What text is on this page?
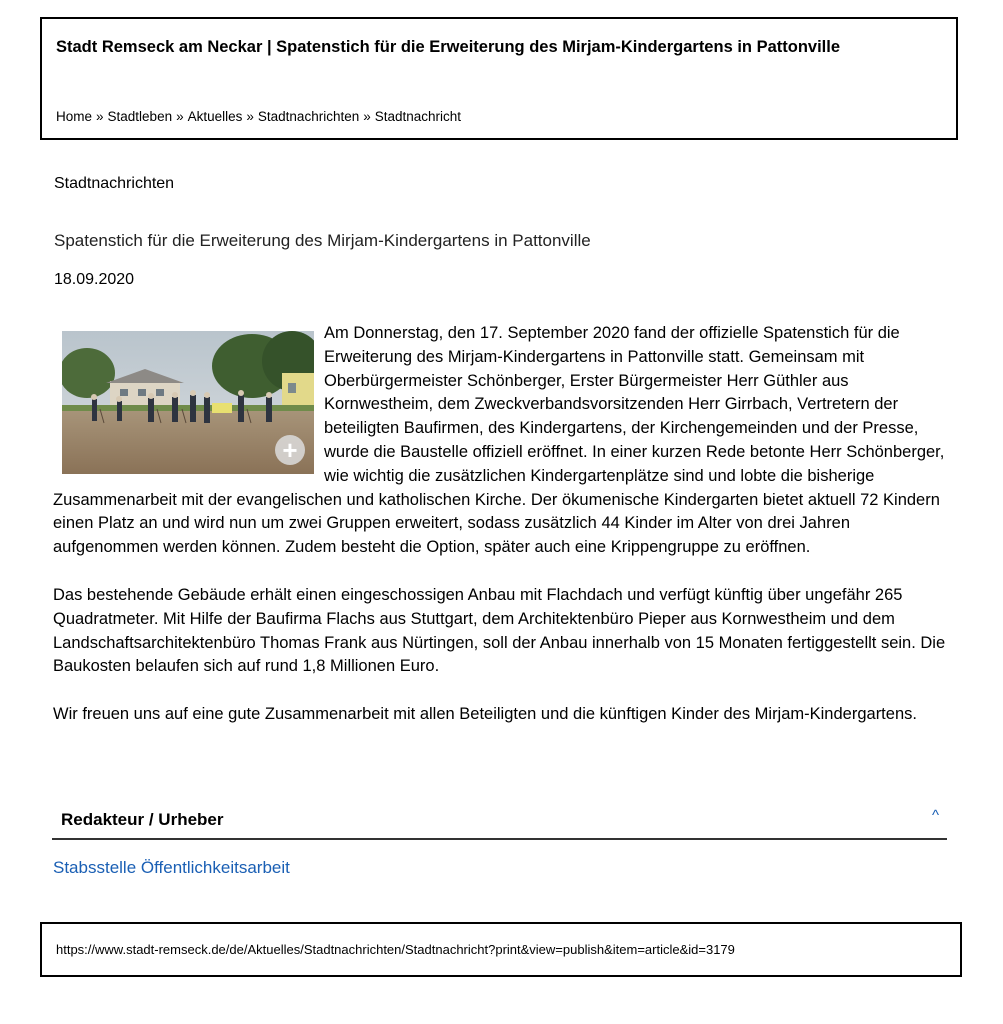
Stadt Remseck am Neckar | Spatenstich für die Erweiterung des Mirjam-Kindergartens in Pattonville
Home » Stadtleben » Aktuelles » Stadtnachrichten » Stadtnachricht
Stadtnachrichten
Spatenstich für die Erweiterung des Mirjam-Kindergartens in Pattonville
18.09.2020
+

Am Donnerstag, den 17. September 2020 fand der offizielle Spatenstich für die Erweiterung des Mirjam-Kindergartens in Pattonville statt. Gemeinsam mit Oberbürgermeister Schönberger, Erster Bürgermeister Herr Güthler aus Kornwestheim, dem Zweckverbandsvorsitzenden Herr Girrbach, Vertretern der beteiligten Baufirmen, des Kindergartens, der Kirchengemeinden und der Presse, wurde die Baustelle offiziell eröffnet. In einer kurzen Rede betonte Herr Schönberger, wie wichtig die zusätzlichen Kindergartenplätze sind und lobte die bisherige Zusammenarbeit mit der evangelischen und katholischen Kirche. Der ökumenische Kindergarten bietet aktuell 72 Kindern einen Platz an und wird nun um zwei Gruppen erweitert, sodass zusätzlich 44 Kinder im Alter von drei Jahren aufgenommen werden können. Zudem besteht die Option, später auch eine Krippengruppe zu eröffnen.

Das bestehende Gebäude erhält einen eingeschossigen Anbau mit Flachdach und verfügt künftig über ungefähr 265 Quadratmeter. Mit Hilfe der Baufirma Flachs aus Stuttgart, dem Architektenbüro Pieper aus Kornwestheim und dem Landschaftsarchitektenbüro Thomas Frank aus Nürtingen, soll der Anbau innerhalb von 15 Monaten fertiggestellt sein. Die Baukosten belaufen sich auf rund 1,8 Millionen Euro.

Wir freuen uns auf eine gute Zusammenarbeit mit allen Beteiligten und die künftigen Kinder des Mirjam-Kindergartens.

Redakteur / Urheber	^
Stabsstelle Öffentlichkeitsarbeit
https://www.stadt-remseck.de/de/Aktuelles/Stadtnachrichten/Stadtnachricht?print&view=publish&item=article&id=3179
